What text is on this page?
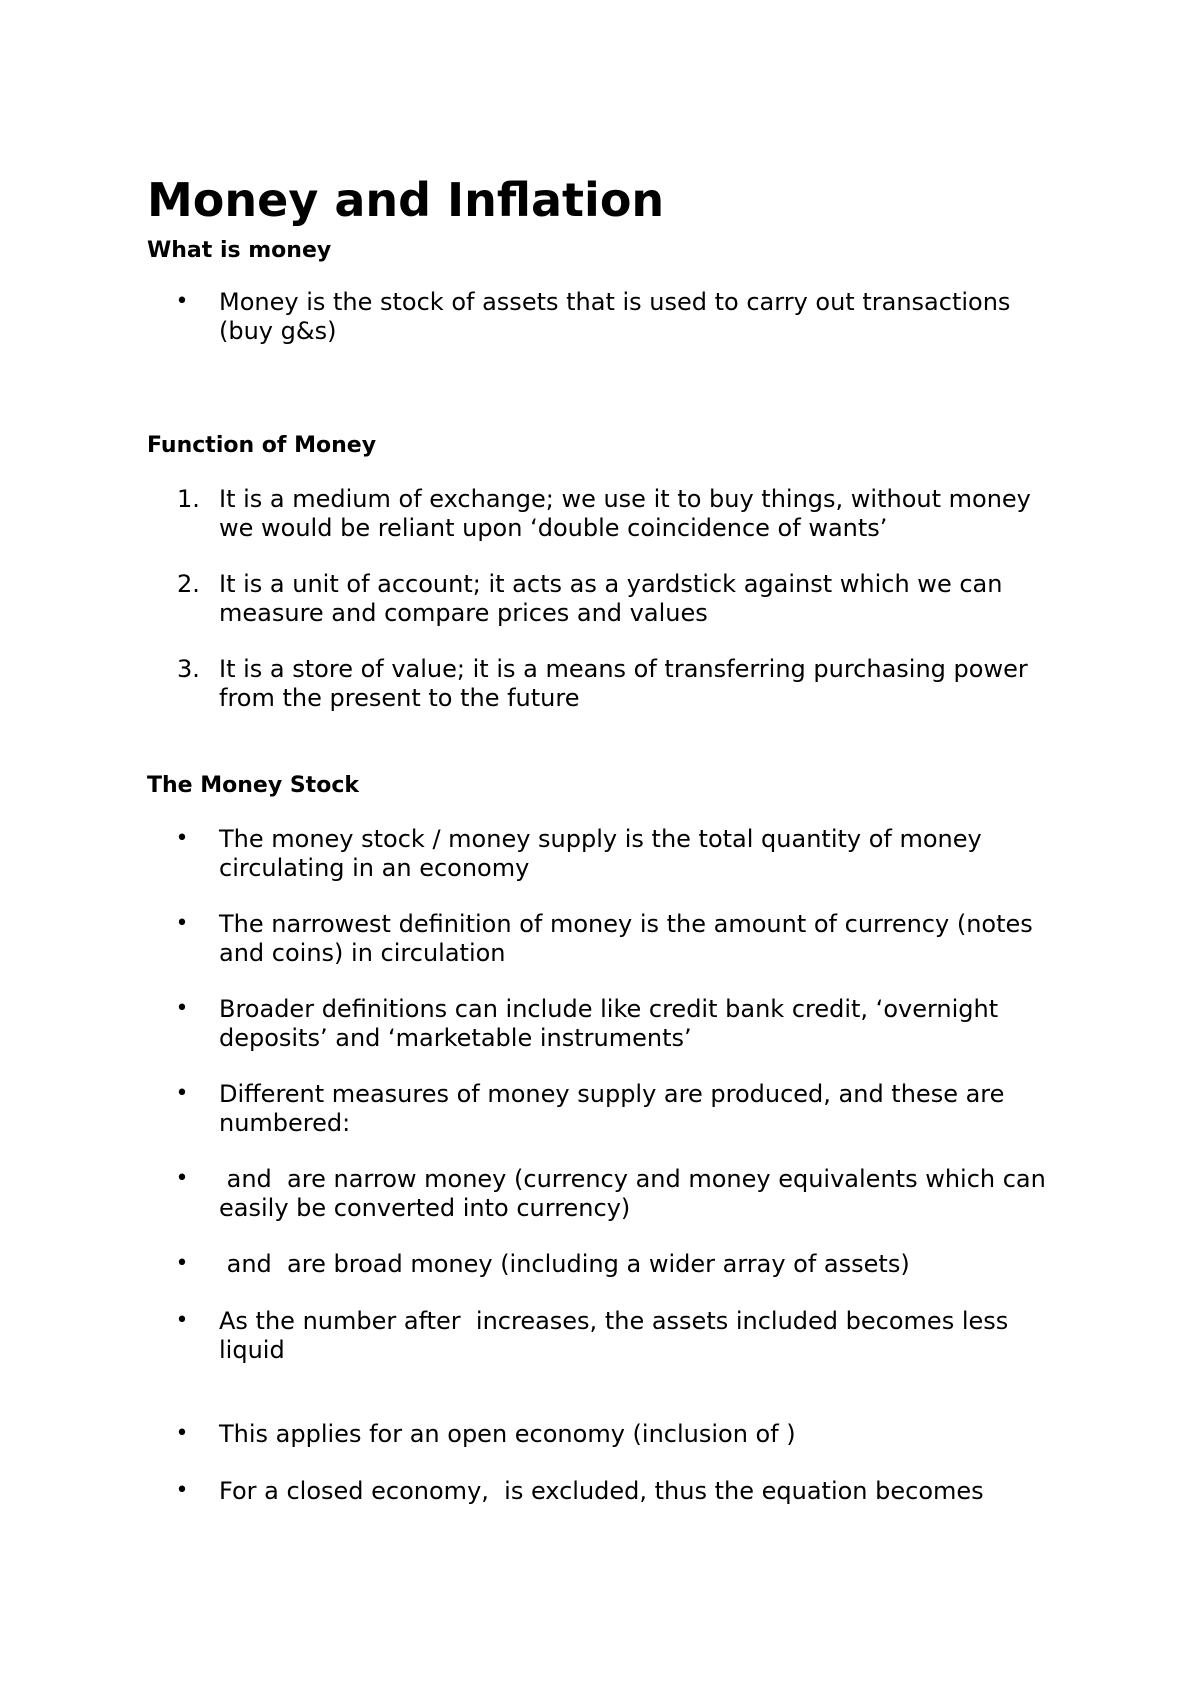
Money and Inflation
What is money
•	Money is the stock of assets that is used to carry out transactions (buy g&s)
Function of Money
1. It is a medium of exchange; we use it to buy things, without money we would be reliant upon ‘double coincidence of wants’
2. It is a unit of account; it acts as a yardstick against which we can measure and compare prices and values
3. It is a store of value; it is a means of transferring purchasing power from the present to the future
The Money Stock
•	The money stock / money supply is the total quantity of money circulating in an economy
•	The narrowest definition of money is the amount of currency (notes and coins) in circulation
•	Broader definitions can include like credit bank credit, ‘overnight deposits’ and ‘marketable instruments’
•	Different measures of money supply are produced, and these are numbered:
•	and  are narrow money (currency and money equivalents which can easily be converted into currency)
•	and  are broad money (including a wider array of assets)
•	As the number after  increases, the assets included becomes less liquid
•	This applies for an open economy (inclusion of )
•	For a closed economy,  is excluded, thus the equation becomes
